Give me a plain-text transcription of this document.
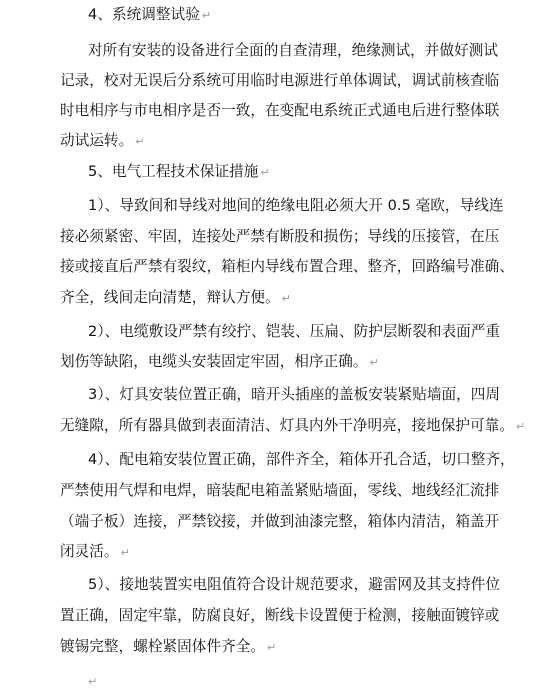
4、系统调整试验 ↵
对所有安装的设备进行全面的自查清理，绝缘测试，并做好测试
记录，校对无误后分系统可用临时电源进行单体调试，调试前核查临
时电相序与市电相序是否一致，在变配电系统正式通电后进行整体联
动试运转。 ↵
5、电气工程技术保证措施 ↵
1）、导致间和导线对地间的绝缘电阻必须大开 0.5 毫欧，导线连
接必须紧密、牢固，连接处严禁有断股和损伤；导线的压接管，在压
接或接直后严禁有裂纹，箱柜内导线布置合理、整齐，回路编号准确、
齐全，线间走向清楚，辩认方便。 ↵
2）、电缆敷设严禁有绞拧、铠装、压扁、防护层断裂和表面严重
划伤等缺陷，电缆头安装固定牢固，相序正确。 ↵
3）、灯具安装位置正确，暗开头插座的盖板安装紧贴墙面，四周
无缝隙，所有器具做到表面清洁、灯具内外干净明亮，接地保护可靠。 ↵
4）、配电箱安装位置正确，部件齐全，箱体开孔合适，切口整齐，
严禁使用气焊和电焊，暗装配电箱盖紧贴墙面，零线、地线经汇流排
（端子板）连接，严禁铰接，并做到油漆完整，箱体内清洁，箱盖开
闭灵活。 ↵
5）、接地装置实电阻值符合设计规范要求，避雷网及其支持件位
置正确，固定牢靠，防腐良好，断线卡设置便于检测，接触面镀锌或
镀锡完整，螺栓紧固体件齐全。 ↵
↵
